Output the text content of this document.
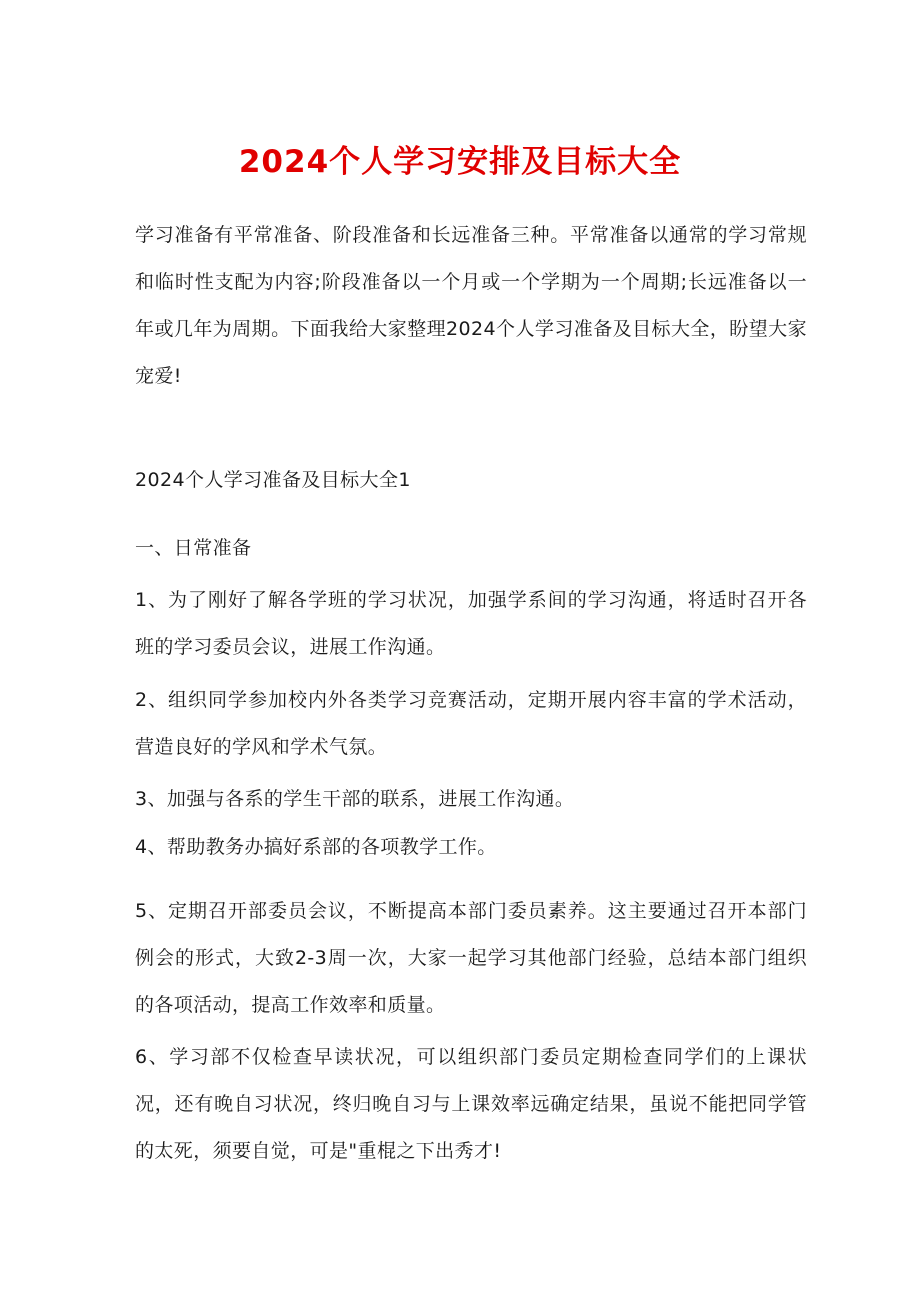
2024个人学习安排及目标大全
学习准备有平常准备、阶段准备和长远准备三种。平常准备以通常的学习常规和临时性支配为内容;阶段准备以一个月或一个学期为一个周期;长远准备以一年或几年为周期。下面我给大家整理2024个人学习准备及目标大全，盼望大家宠爱!
2024个人学习准备及目标大全1
一、日常准备
1、为了刚好了解各学班的学习状况，加强学系间的学习沟通，将适时召开各班的学习委员会议，进展工作沟通。
2、组织同学参加校内外各类学习竞赛活动，定期开展内容丰富的学术活动，营造良好的学风和学术气氛。
3、加强与各系的学生干部的联系，进展工作沟通。
4、帮助教务办搞好系部的各项教学工作。
5、定期召开部委员会议，不断提高本部门委员素养。这主要通过召开本部门例会的形式，大致2-3周一次，大家一起学习其他部门经验，总结本部门组织的各项活动，提高工作效率和质量。
6、学习部不仅检查早读状况，可以组织部门委员定期检查同学们的上课状况，还有晚自习状况，终归晚自习与上课效率远确定结果，虽说不能把同学管的太死，须要自觉，可是"重棍之下出秀才!
